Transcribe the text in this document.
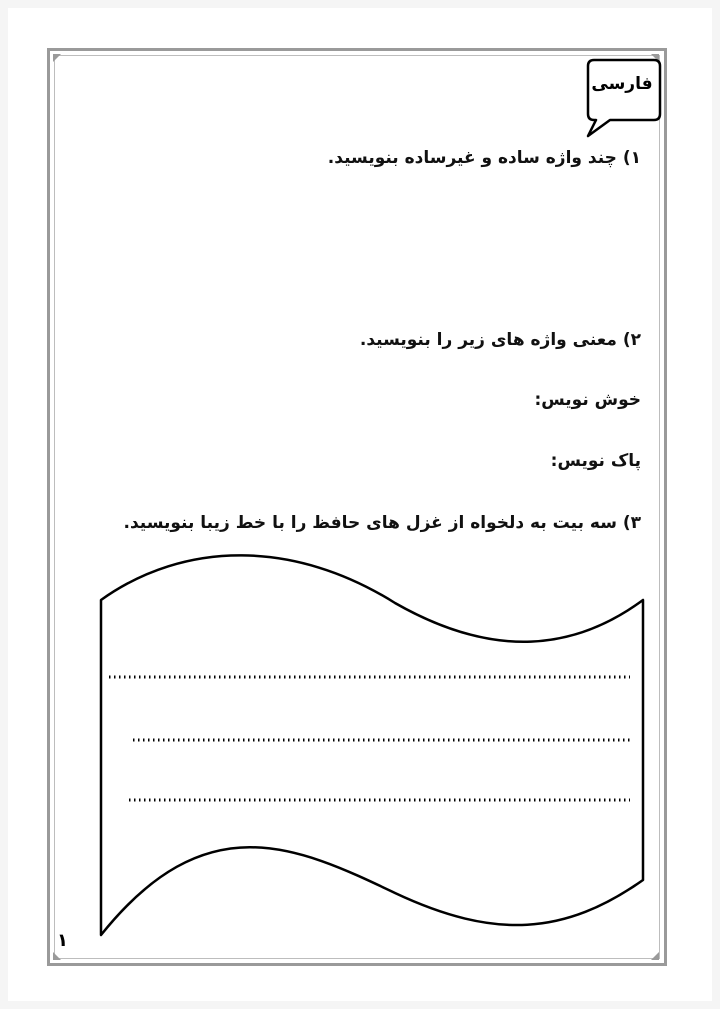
فارسی
۱) چند واژه ساده و غیرساده بنویسید.
۲) معنی واژه های زیر را بنویسید.
خوش نویس:
پاک نویس:
۳) سه بیت به دلخواه از غزل های حافظ را با خط زیبا بنویسید.
۱
